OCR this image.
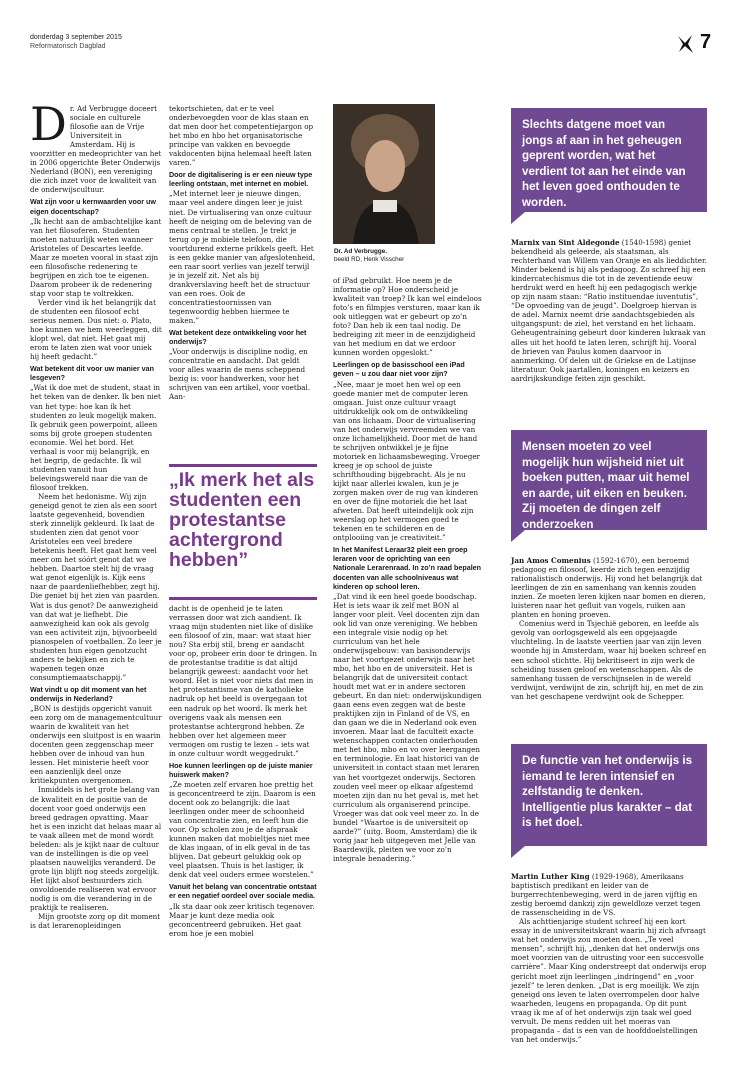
donderdag 3 september 2015
Reformatorisch Dagblad	7
D r. Ad Verbrugge doceert sociale en culturele filosofie aan de Vrije Universiteit in Amsterdam. Hij is voorzitter en medeoprichter van het in 2006 opgerichte Beter Onderwijs Nederland (BON), een vereniging die zich inzet voor de kwaliteit van de onderwijscultuur.

Wat zijn voor u kernwaarden voor uw eigen docentschap?

„Ik hecht aan de ambachtelijke kant van het filosoferen. Studenten moeten natuurlijk weten wanneer Aristoteles of Descartes leefde. Maar ze moeten vooral in staat zijn een filosofische redenering te begrijpen en zich toe te eigenen. Daarom probeer ik de redenering stap voor stap te voltrekken.

Verder vind ik het belangrijk dat de studenten een filosoof echt serieus nemen. Dus niet: o. Plato, hoe kunnen we hem weerleggen, dit klopt wel, dat niet. Het gaat mij erom te laten zien wat voor uniek hij heeft gedacht.”

Wat betekent dit voor uw manier van lesgeven?

„Wat ik doe met de student, staat in het teken van de denker. Ik ben niet van het type: hoe kan ik het studenten zo leuk mogelijk maken. Ik gebruik geen powerpoint, alleen soms bij grote groepen studenten economie. Wel het bord. Het verhaal is voor mij belangrijk, en het begrip, de gedachte. Ik wil studenten vanuit hun belevingswereld naar die van de filosoof trekken.

Neem het hedonisme. Wij zijn geneigd genot te zien als een soort laatste gegevenheid, bovendien sterk zinnelijk gekleurd. Ik laat de studenten zien dat genot voor Aristoteles een veel bredere betekenis heeft. Het gaat hem veel meer om het sóórt genot dat we hebben. Daartoe stelt hij de vraag wat genot eigenlijk is. Kijk eens naar de paardenliefhebber, zegt hij. Die geniet bij het zien van paarden. Wat is dus genot? De aanwezigheid van dat wat je liefhebt. Die aanwezigheid kan ook als gevolg van een activiteit zijn, bijvoorbeeld pianospelen of voetballen. Zo leer je studenten hun eigen genotzucht anders te bekijken en zich te wapenen tegen onze consumptiemaatschappij.”

Wat vindt u op dit moment van het onderwijs in Nederland?

„BON is destijds opgericht vanuit een zorg om de managementcultuur waarin de kwaliteit van het onderwijs een sluitpost is en waarin docenten geen zeggenschap meer hebben over de inhoud van hun lessen. Het ministerie heeft voor een aanzienlijk deel onze kritiekpunten overgenomen.

Inmiddels is het grote belang van de kwaliteit en de positie van de docent voor goed onderwijs een breed gedragen opvatting. Maar het is een inzicht dat helaas maar al te vaak alleen met de mond wordt beleden: als je kijkt naar de cultuur van de instellingen is die op veel plaatsen nauwelijks veranderd. De grote lijn blijft nog steeds zorgelijk. Het lijkt alsof bestuurders zich onvoldoende realiseren wat ervoor nodig is om die verandering in de praktijk te realiseren.

Mijn grootste zorg op dit moment is dat lerarenopleidingen

tekortschieten, dat er te veel onderbevoegden voor de klas staan en dat men door het competentiejargon op het mbo en hbo het organisatorische principe van vakken en bevoegde vakdocenten bijna helemaal heeft laten varen.”

Door de digitalisering is er een nieuw type leerling ontstaan, met internet en mobiel.

„Met internet leer je nieuwe dingen, maar veel andere dingen leer je juist niet. De virtualisering van onze cultuur heeft de neiging om de beleving van de mens centraal te stellen. Je trekt je terug op je mobiele telefoon, die voortdurend externe prikkels geeft. Het is een gekke manier van afgeslotenheid, een raar soort verlies van jezelf terwijl je in jezelf zit. Net als bij drankverslaving heeft het de structuur van een roes. Ook de concentratiestoornissen van tegenwoordig hebben hiermee te maken.”

Wat betekent deze ontwikkeling voor het onderwijs?

„Voor onderwijs is discipline nodig, en concentratie en aandacht. Dat geldt voor alles waarin de mens scheppend bezig is: voor handwerken, voor het schrijven van een artikel, voor voetbal. Aan-

„Ik merk het als studenten een protestantse achtergrond hebben”

dacht is de openheid je te laten verrassen door wat zich aandient. Ik vraag mijn studenten niet like of dislike een filosoof of zin, maar: wat staat hier nou? Sta erbij stil, breng er aandacht voor op, probeer erin door te dringen. In de protestantse traditie is dat altijd belangrijk geweest: aandacht voor het woord. Het is niet voor niets dat men in het protestantisme van de katholieke nadruk op het beeld is overgegaan tot een nadruk op het woord. Ik merk het overigens vaak als mensen een protestantse achtergrond hebben. Ze hebben over het algemeen meer vermogen om rustig te lezen – iets wat in onze cultuur wordt weggedrukt.”

Hoe kunnen leerlingen op de juiste manier huiswerk maken?

„Ze moeten zelf ervaren hoe prettig het is geconcentreerd te zijn. Daarom is een docent ook zo belangrijk: die laat leerlingen onder meer de schoonheid van concentratie zien, en leeft hun die voor. Op scholen zou je de afspraak kunnen maken dat mobieltjes niet mee de klas ingaan, of in elk geval in de tas blijven. Dat gebeurt gelukkig ook op veel plaatsen. Thuis is het lastiger, ik denk dat veel ouders ermee worstelen.”

Vanuit het belang van concentratie ontstaat er een negatief oordeel over sociale media.

„Ik sta daar ook zeer kritisch tegenover. Maar je kunt deze media ook geconcentreerd gebruiken. Het gaat erom hoe je een mobiel

Dr. Ad Verbrugge.
beeld RD, Henk Visscher

of iPad gebruikt. Hoe neem je de informatie op? Hoe onderscheid je kwaliteit van troep? Ik kan wel eindeloos foto’s en filmpjes versturen, maar kan ik ook uitleggen wat er gebeurt op zo’n foto? Dan heb ik een taal nodig. De bedreiging zit meer in de eenzijdigheid van het medium en dat we erdoor kunnen worden opgeslokt.”

Leerlingen op de basisschool een iPad geven – u zou daar niet voor zijn?

„Nee, maar je moet hen wel op een goede manier met de computer leren omgaan. Juist onze cultuur vraagt uitdrukkelijk ook om de ontwikkeling van ons lichaam. Door de virtualisering van het onderwijs vervreemden we van onze lichamelijkheid. Door met de hand te schrijven ontwikkel je je fijne motoriek en lichaamsbeweging. Vroeger kreeg je op school de juiste schrifthouding bijgebracht. Als je nu kijkt naar allerlei kwalen, kun je je zorgen maken over de rug van kinderen en over de fijne motoriek die het laat afweten. Dat heeft uiteindelijk ook zijn weerslag op het vermogen goed te tekenen en te schilderen en de ontplooiing van je creativiteit.”

In het Manifest Leraar32 pleit een groep leraren voor de oprichting van een Nationale Lerarenraad. In zo’n raad bepalen docenten van alle schoolniveaus wat kinderen op school leren.

„Dat vind ik een heel goede boodschap. Het is iets waar ik zelf met BON al langer voor pleit. Veel docenten zijn dan ook lid van onze vereniging. We hebben een integrale visie nodig op het curriculum van het hele onderwijsgebouw: van basisonderwijs naar het voortgezet onderwijs naar het mbo, het hbo en de universiteit. Het is belangrijk dat de universiteit contact houdt met wat er in andere sectoren gebeurt. En dan niet: onderwijskundigen gaan eens even zeggen wat de beste praktijken zijn in Finland of de VS, en dan gaan we die in Nederland ook even invoeren. Maar laat de faculteit exacte wetenschappen contacten onderhouden met het hbo, mbo en vo over leergangen en terminologie. En laat historici van de universiteit in contact staan met leraren van het voortgezet onderwijs. Sectoren zouden veel meer op elkaar afgestemd moeten zijn dan nu het geval is, met het curriculum als organiserend principe. Vroeger was dat ook veel meer zo. In de bundel “Waartoe is de universiteit op aarde?” (uitg. Boom, Amsterdam) die ik vorig jaar heb uitgegeven met Jelle van Baardewijk, pleiten we voor zo’n integrale benadering.”

Slechts datgene moet van jongs af aan in het geheugen geprent worden, wat het verdient tot aan het einde van het leven goed onthouden te worden.

Marnix van Sint Aldegonde (1540-1598) geniet bekendheid als geleerde, als staatsman, als rechterhand van Willem van Oranje en als lieddichter. Minder bekend is hij als pedagoog. Zo schreef hij een kindercatechismus die tot in de zeventiende eeuw herdrukt werd en heeft hij een pedagogisch werkje op zijn naam staan: “Ratio instituendae iuventutis”, “De opvoeding van de jeugd”. Doelgroep hiervan is de adel. Marnix neemt drie aandachtsgebieden als uitgangspunt: de ziel, het verstand en het lichaam. Geheugentraining gebeurt door kinderen lukraak van alles uit het hoofd te laten leren, schrijft hij. Vooral de brieven van Paulus komen daarvoor in aanmerking. Of delen uit de Griekse en de Latijnse literatuur. Ook jaartallen, koningen en keizers en aardrijkskundige feiten zijn geschikt.

Mensen moeten zo veel mogelijk hun wijsheid niet uit boeken putten, maar uit hemel en aarde, uit eiken en beuken. Zij moeten de dingen zelf onderzoeken

Jan Amos Comenius (1592-1670), een beroemd pedagoog en filosoof, keerde zich tegen eenzijdig rationalistisch onderwijs. Hij vond het belangrijk dat leerlingen de zin en samenhang van kennis zouden inzien. Ze moeten leren kijken naar bomen en dieren, luisteren naar het gefluit van vogels, ruiken aan planten en honing proeven.

Comenius werd in Tsjechië geboren, en leefde als gevolg van oorlogsgeweld als een opgejaagde vluchteling. In de laatste veertien jaar van zijn leven woonde hij in Amsterdam, waar hij boeken schreef en een school stichtte. Hij bekritiseert in zijn werk de scheiding tussen geloof en wetenschappen. Als de samenhang tussen de verschijnselen in de wereld verdwijnt, verdwijnt de zin, schrijft hij, en met de zin van het geschapene verdwijnt ook de Schepper.

De functie van het onderwijs is iemand te leren intensief en zelfstandig te denken. Intelligentie plus karakter – dat is het doel.

Martin Luther King (1929-1968), Amerikaans baptistisch predikant en leider van de burgerrechtenbeweging, werd in de jaren vijftig en zestig beroemd dankzij zijn geweldloze verzet tegen de rassenscheiding in de VS.

Als achttienjarige student schreef hij een kort essay in de universiteitskrant waarin hij zich afvraagt wat het onderwijs zou moeten doen. „Te veel mensen”, schrijft hij, „denken dat het onderwijs ons moet voorzien van de uitrusting voor een succesvolle carrière”. Maar King onderstreept dat onderwijs erop gericht moet zijn leerlingen „indringend” en „voor jezelf” te leren denken. „Dat is erg moeilijk. We zijn geneigd ons leven te laten overrompelen door halve waarheden, leugens en propaganda. Op dit punt vraag ik me af of het onderwijs zijn taak wel goed vervult. De mens redden uit het moeras van propaganda – dat is een van de hoofddoelstellingen van het onderwijs.”
